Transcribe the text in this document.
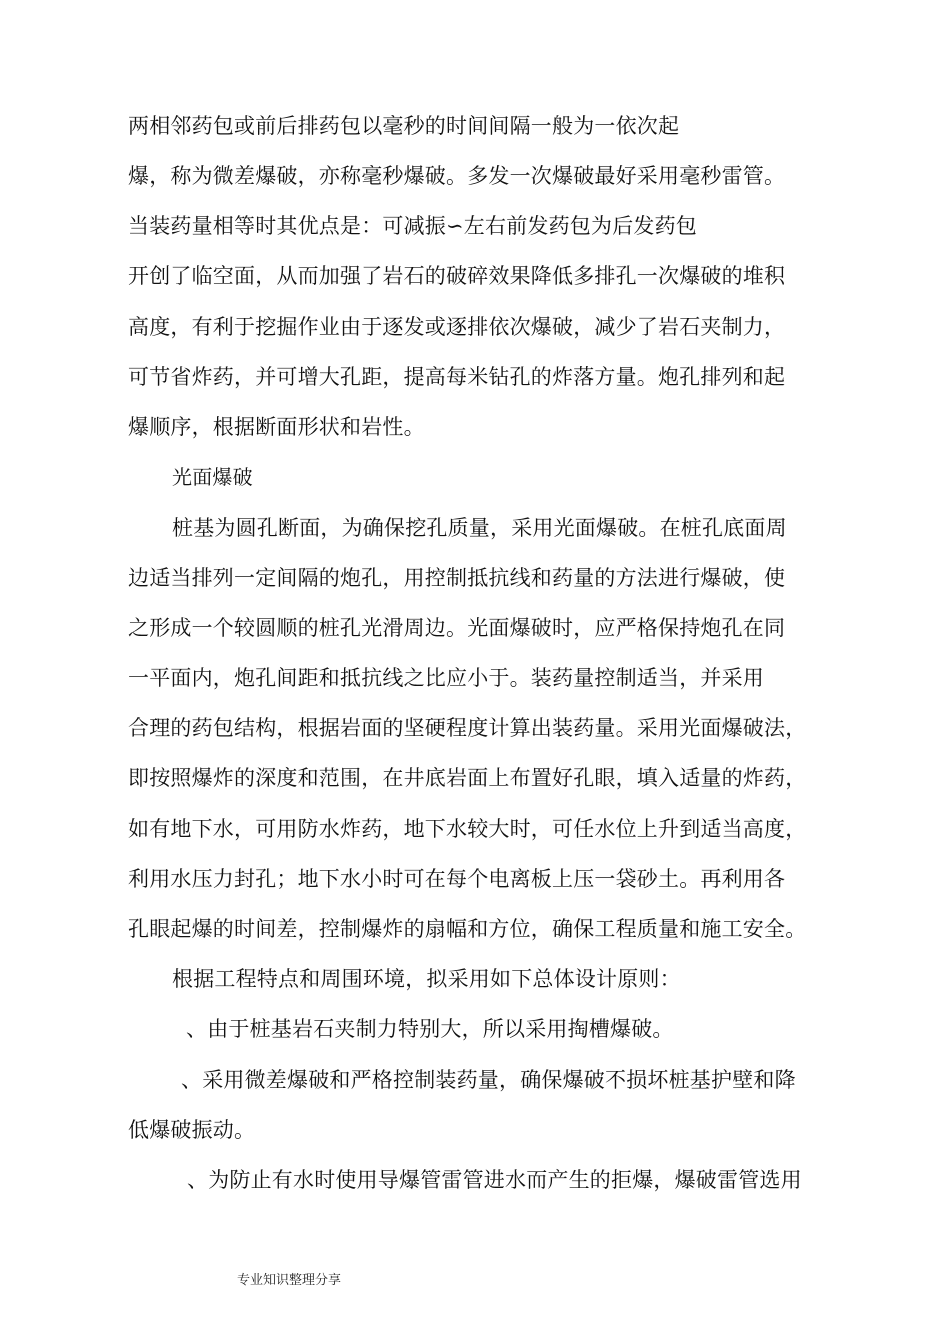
两相邻药包或前后排药包以毫秒的时间间隔一般为一依次起
爆，称为微差爆破，亦称毫秒爆破。多发一次爆破最好采用毫秒雷管。
当装药量相等时其优点是：可减振∽左右前发药包为后发药包
开创了临空面，从而加强了岩石的破碎效果降低多排孔一次爆破的堆积
高度，有利于挖掘作业由于逐发或逐排依次爆破，减少了岩石夹制力，
可节省炸药，并可增大孔距，提高每米钻孔的炸落方量。炮孔排列和起
爆顺序，根据断面形状和岩性。
光面爆破
桩基为圆孔断面，为确保挖孔质量，采用光面爆破。在桩孔底面周
边适当排列一定间隔的炮孔，用控制抵抗线和药量的方法进行爆破，使
之形成一个较圆顺的桩孔光滑周边。光面爆破时，应严格保持炮孔在同
一平面内，炮孔间距和抵抗线之比应小于。装药量控制适当，并采用
合理的药包结构，根据岩面的坚硬程度计算出装药量。采用光面爆破法，
即按照爆炸的深度和范围，在井底岩面上布置好孔眼，填入适量的炸药，
如有地下水，可用防水炸药，地下水较大时，可任水位上升到适当高度，
利用水压力封孔；地下水小时可在每个电离板上压一袋砂土。再利用各
孔眼起爆的时间差，控制爆炸的扇幅和方位，确保工程质量和施工安全。
根据工程特点和周围环境，拟采用如下总体设计原则：
、由于桩基岩石夹制力特别大，所以采用掏槽爆破。
、采用微差爆破和严格控制装药量，确保爆破不损坏桩基护壁和降
低爆破振动。
、为防止有水时使用导爆管雷管进水而产生的拒爆，爆破雷管选用
专业知识整理分享
